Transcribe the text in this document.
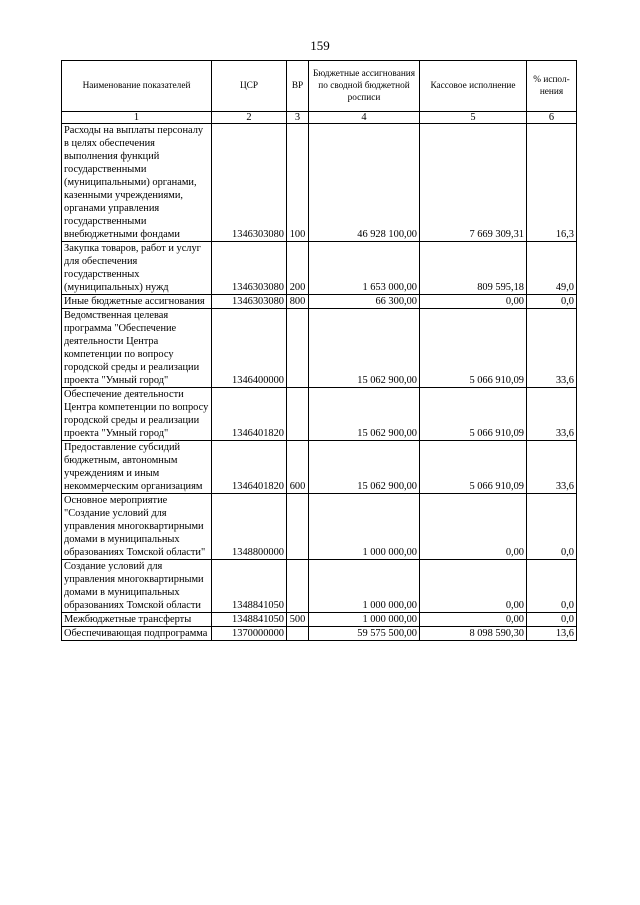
159
Наименование показателей	ЦСР	ВР	Бюджетные ассигнования по сводной бюджетной росписи	Кассовое исполнение	% испол-нения
1	2	3	4	5	6
Расходы на выплаты персоналу в целях обеспечения выполнения функций государственными (муниципальными) органами, казенными учреждениями, органами управления государственными внебюджетными фондами	1346303080	100	46 928 100,00	7 669 309,31	16,3
Закупка товаров, работ и услуг для обеспечения государственных (муниципальных) нужд	1346303080	200	1 653 000,00	809 595,18	49,0
Иные бюджетные ассигнования	1346303080	800	66 300,00	0,00	0,0
Ведомственная целевая программа "Обеспечение деятельности Центра компетенции по вопросу городской среды и реализации проекта "Умный город"	1346400000		15 062 900,00	5 066 910,09	33,6
Обеспечение деятельности Центра компетенции по вопросу городской среды и реализации проекта "Умный город"	1346401820		15 062 900,00	5 066 910,09	33,6
Предоставление субсидий бюджетным, автономным учреждениям и иным некоммерческим организациям	1346401820	600	15 062 900,00	5 066 910,09	33,6
Основное мероприятие "Создание условий для управления многоквартирными домами в муниципальных образованиях Томской области"	1348800000		1 000 000,00	0,00	0,0
Создание условий для управления многоквартирными домами в муниципальных образованиях Томской области	1348841050		1 000 000,00	0,00	0,0
Межбюджетные трансферты	1348841050	500	1 000 000,00	0,00	0,0
Обеспечивающая подпрограмма	1370000000		59 575 500,00	8 098 590,30	13,6
